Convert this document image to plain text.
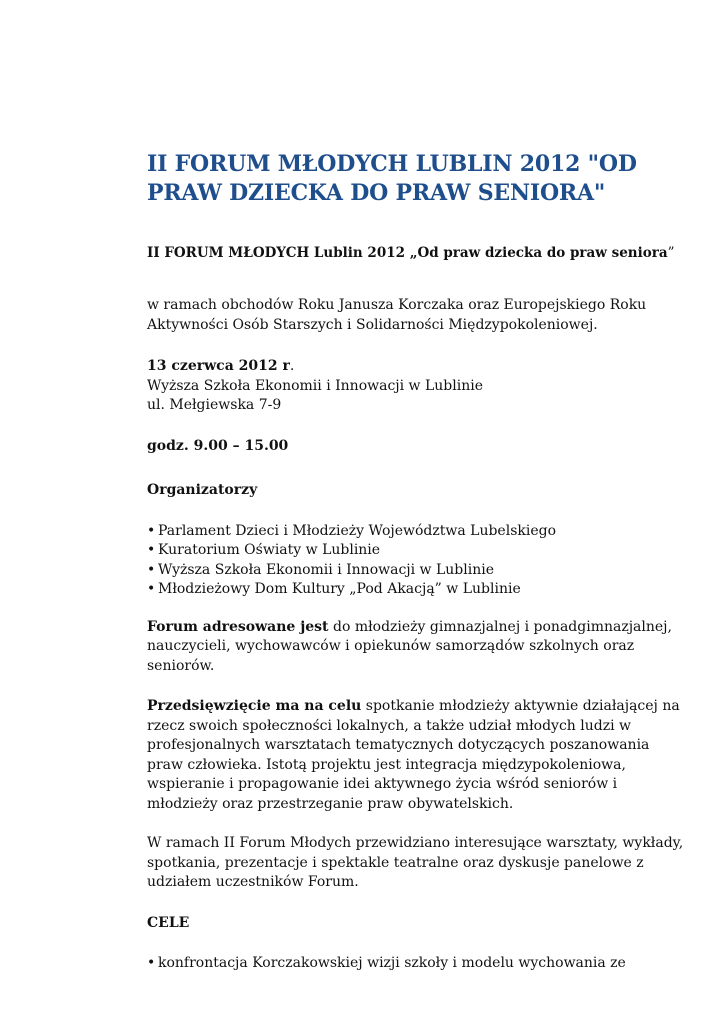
II FORUM MŁODYCH LUBLIN 2012 "OD PRAW DZIECKA DO PRAW SENIORA"

II FORUM MŁODYCH Lublin 2012 „Od praw dziecka do praw seniora”

w ramach obchodów Roku Janusza Korczaka oraz Europejskiego Roku Aktywności Osób Starszych i Solidarności Międzypokoleniowej.

13 czerwca 2012 r.
Wyższa Szkoła Ekonomii i Innowacji w Lublinie
ul. Mełgiewska 7-9

godz. 9.00 – 15.00

Organizatorzy

• Parlament Dzieci i Młodzieży Województwa Lubelskiego
• Kuratorium Oświaty w Lublinie
• Wyższa Szkoła Ekonomii i Innowacji w Lublinie
• Młodzieżowy Dom Kultury „Pod Akacją” w Lublinie

Forum adresowane jest do młodzieży gimnazjalnej i ponadgimnazjalnej, nauczycieli, wychowawców i opiekunów samorządów szkolnych oraz seniorów.

Przedsięwzięcie ma na celu spotkanie młodzieży aktywnie działającej na rzecz swoich społeczności lokalnych, a także udział młodych ludzi w profesjonalnych warsztatach tematycznych dotyczących poszanowania praw człowieka. Istotą projektu jest integracja międzypokoleniowa, wspieranie i propagowanie idei aktywnego życia wśród seniorów i młodzieży oraz przestrzeganie praw obywatelskich.

W ramach II Forum Młodych przewidziano interesujące warsztaty, wykłady, spotkania, prezentacje i spektakle teatralne oraz dyskusje panelowe z udziałem uczestników Forum.

CELE

• konfrontacja Korczakowskiej wizji szkoły i modelu wychowania ze
